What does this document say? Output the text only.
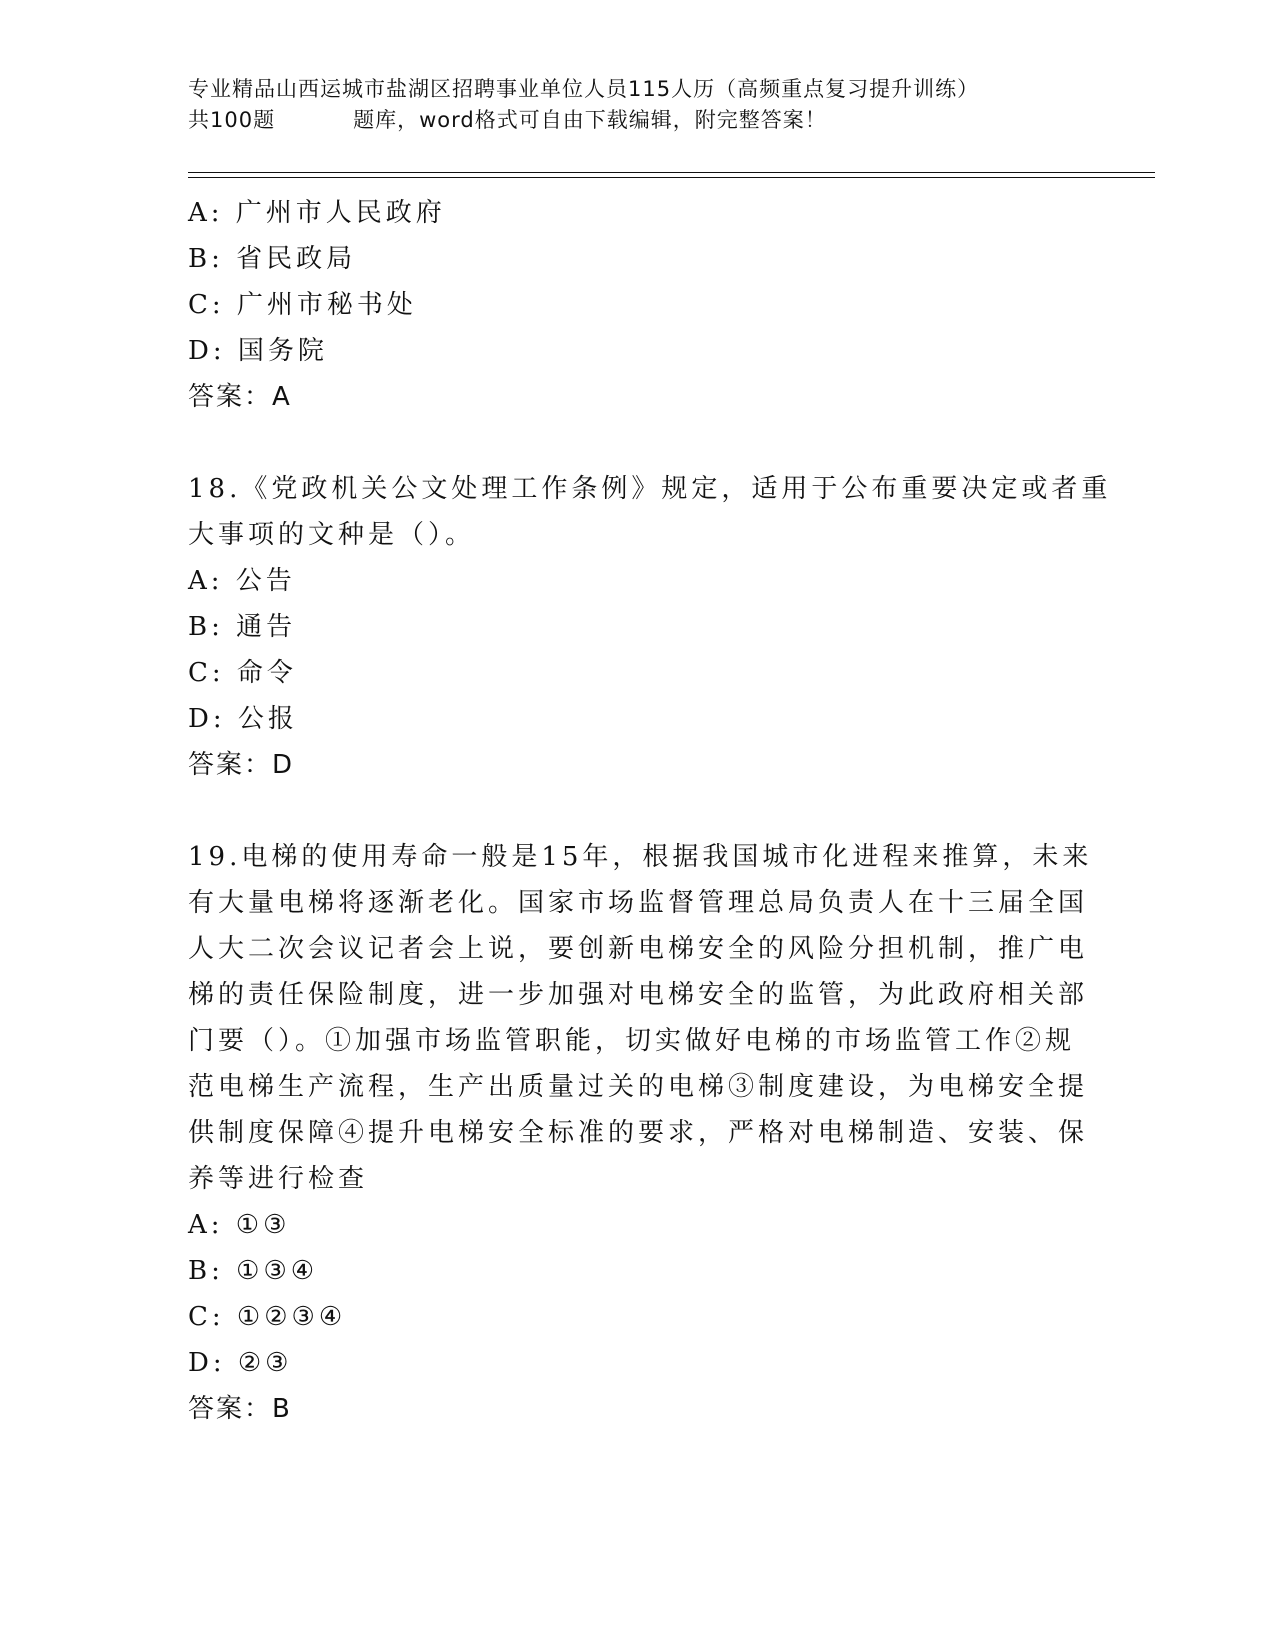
专业精品山西运城市盐湖区招聘事业单位人员115人历（高频重点复习提升训练）
共100题	题库，word格式可自由下载编辑，附完整答案！
A: 广州市人民政府
B: 省民政局
C: 广州市秘书处
D: 国务院
答案：A
18.《党政机关公文处理工作条例》规定，适用于公布重要决定或者重
大事项的文种是（）。
A: 公告
B: 通告
C: 命令
D: 公报
答案：D
19.电梯的使用寿命一般是15年，根据我国城市化进程来推算，未来
有大量电梯将逐渐老化。国家市场监督管理总局负责人在十三届全国
人大二次会议记者会上说，要创新电梯安全的风险分担机制，推广电
梯的责任保险制度，进一步加强对电梯安全的监管，为此政府相关部
门要（）。①加强市场监管职能，切实做好电梯的市场监管工作②规
范电梯生产流程，生产出质量过关的电梯③制度建设，为电梯安全提
供制度保障④提升电梯安全标准的要求，严格对电梯制造、安装、保
养等进行检查
A: ①③
B: ①③④
C: ①②③④
D: ②③
答案：B
